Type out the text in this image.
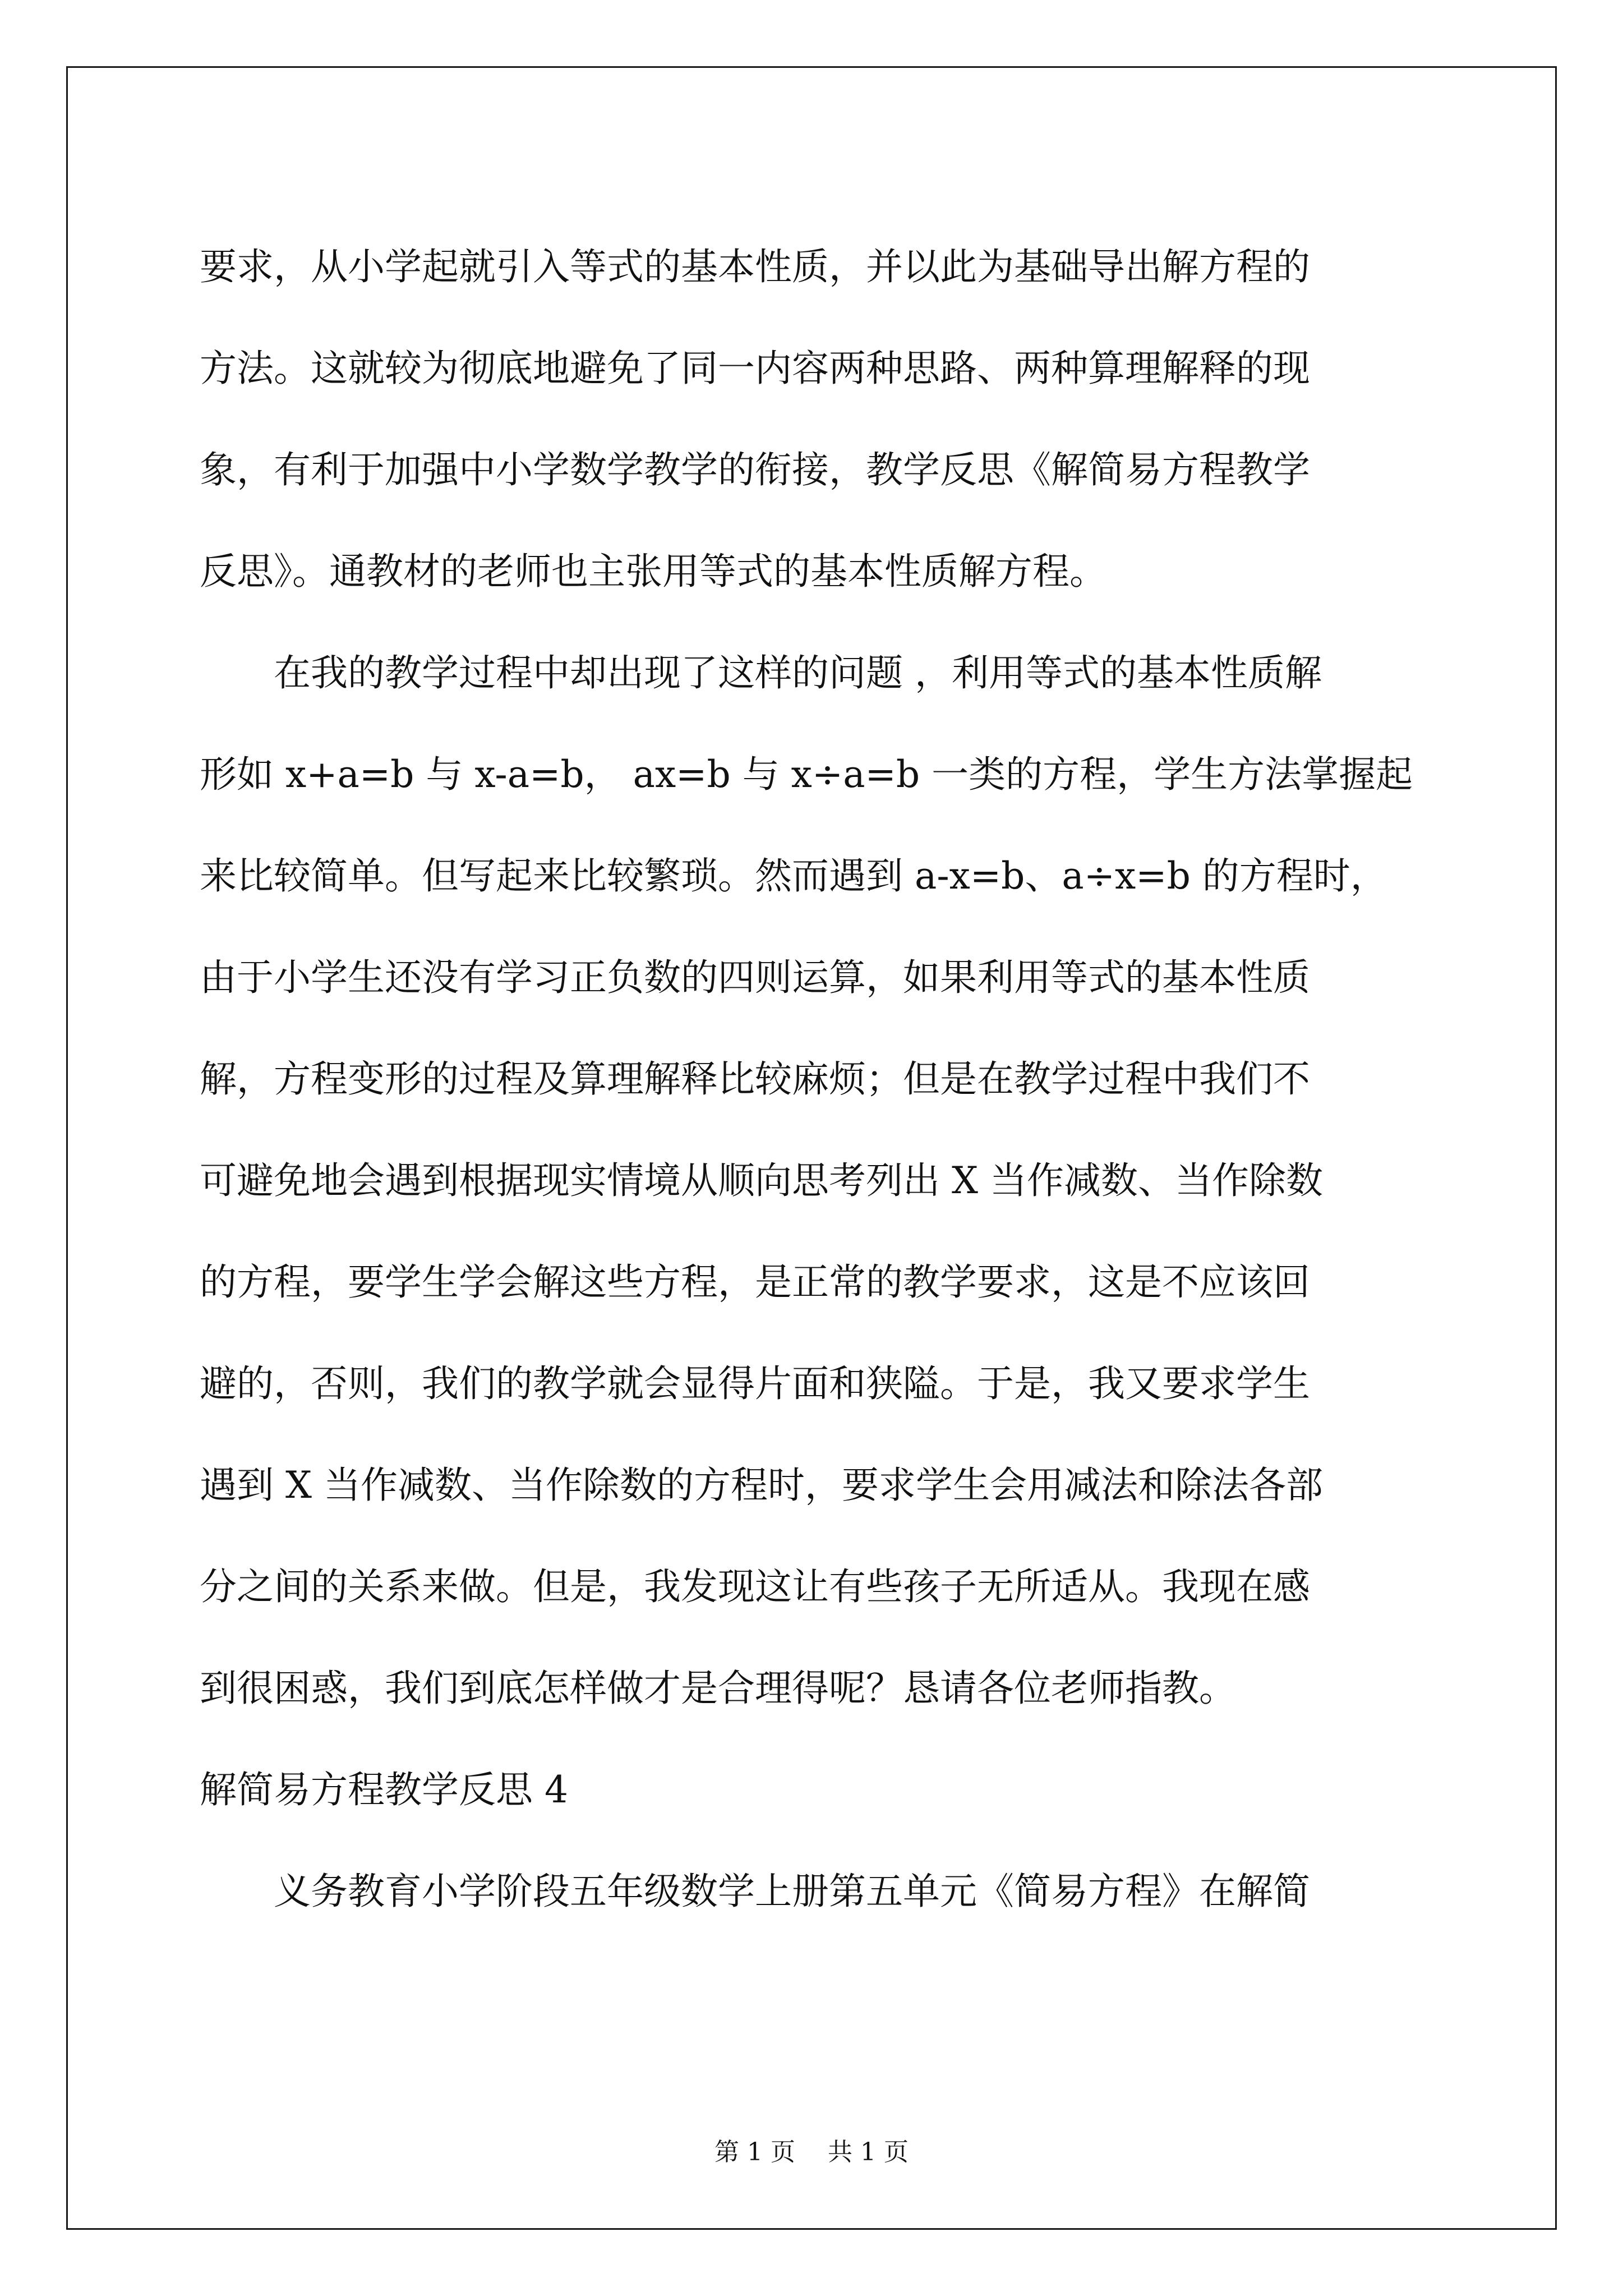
要求，从小学起就引入等式的基本性质，并以此为基础导出解方程的

方法。这就较为彻底地避免了同一内容两种思路、两种算理解释的现

象，有利于加强中小学数学教学的衔接，教学反思《解简易方程教学

反思》。通教材的老师也主张用等式的基本性质解方程。

在我的教学过程中却出现了这样的问题 ，利用等式的基本性质解

形如 x+a=b 与 x-a=b， ax=b 与 x÷a=b 一类的方程，学生方法掌握起

来比较简单。但写起来比较繁琐。然而遇到 a-x=b、a÷x=b 的方程时，

由于小学生还没有学习正负数的四则运算，如果利用等式的基本性质

解，方程变形的过程及算理解释比较麻烦；但是在教学过程中我们不

可避免地会遇到根据现实情境从顺向思考列出 X 当作减数、当作除数

的方程，要学生学会解这些方程，是正常的教学要求，这是不应该回

避的，否则，我们的教学就会显得片面和狭隘。于是，我又要求学生

遇到 X 当作减数、当作除数的方程时，要求学生会用减法和除法各部

分之间的关系来做。但是，我发现这让有些孩子无所适从。我现在感

到很困惑，我们到底怎样做才是合理得呢？恳请各位老师指教。

解简易方程教学反思 4

义务教育小学阶段五年级数学上册第五单元《简易方程》在解简

第 1 页 共 1 页
